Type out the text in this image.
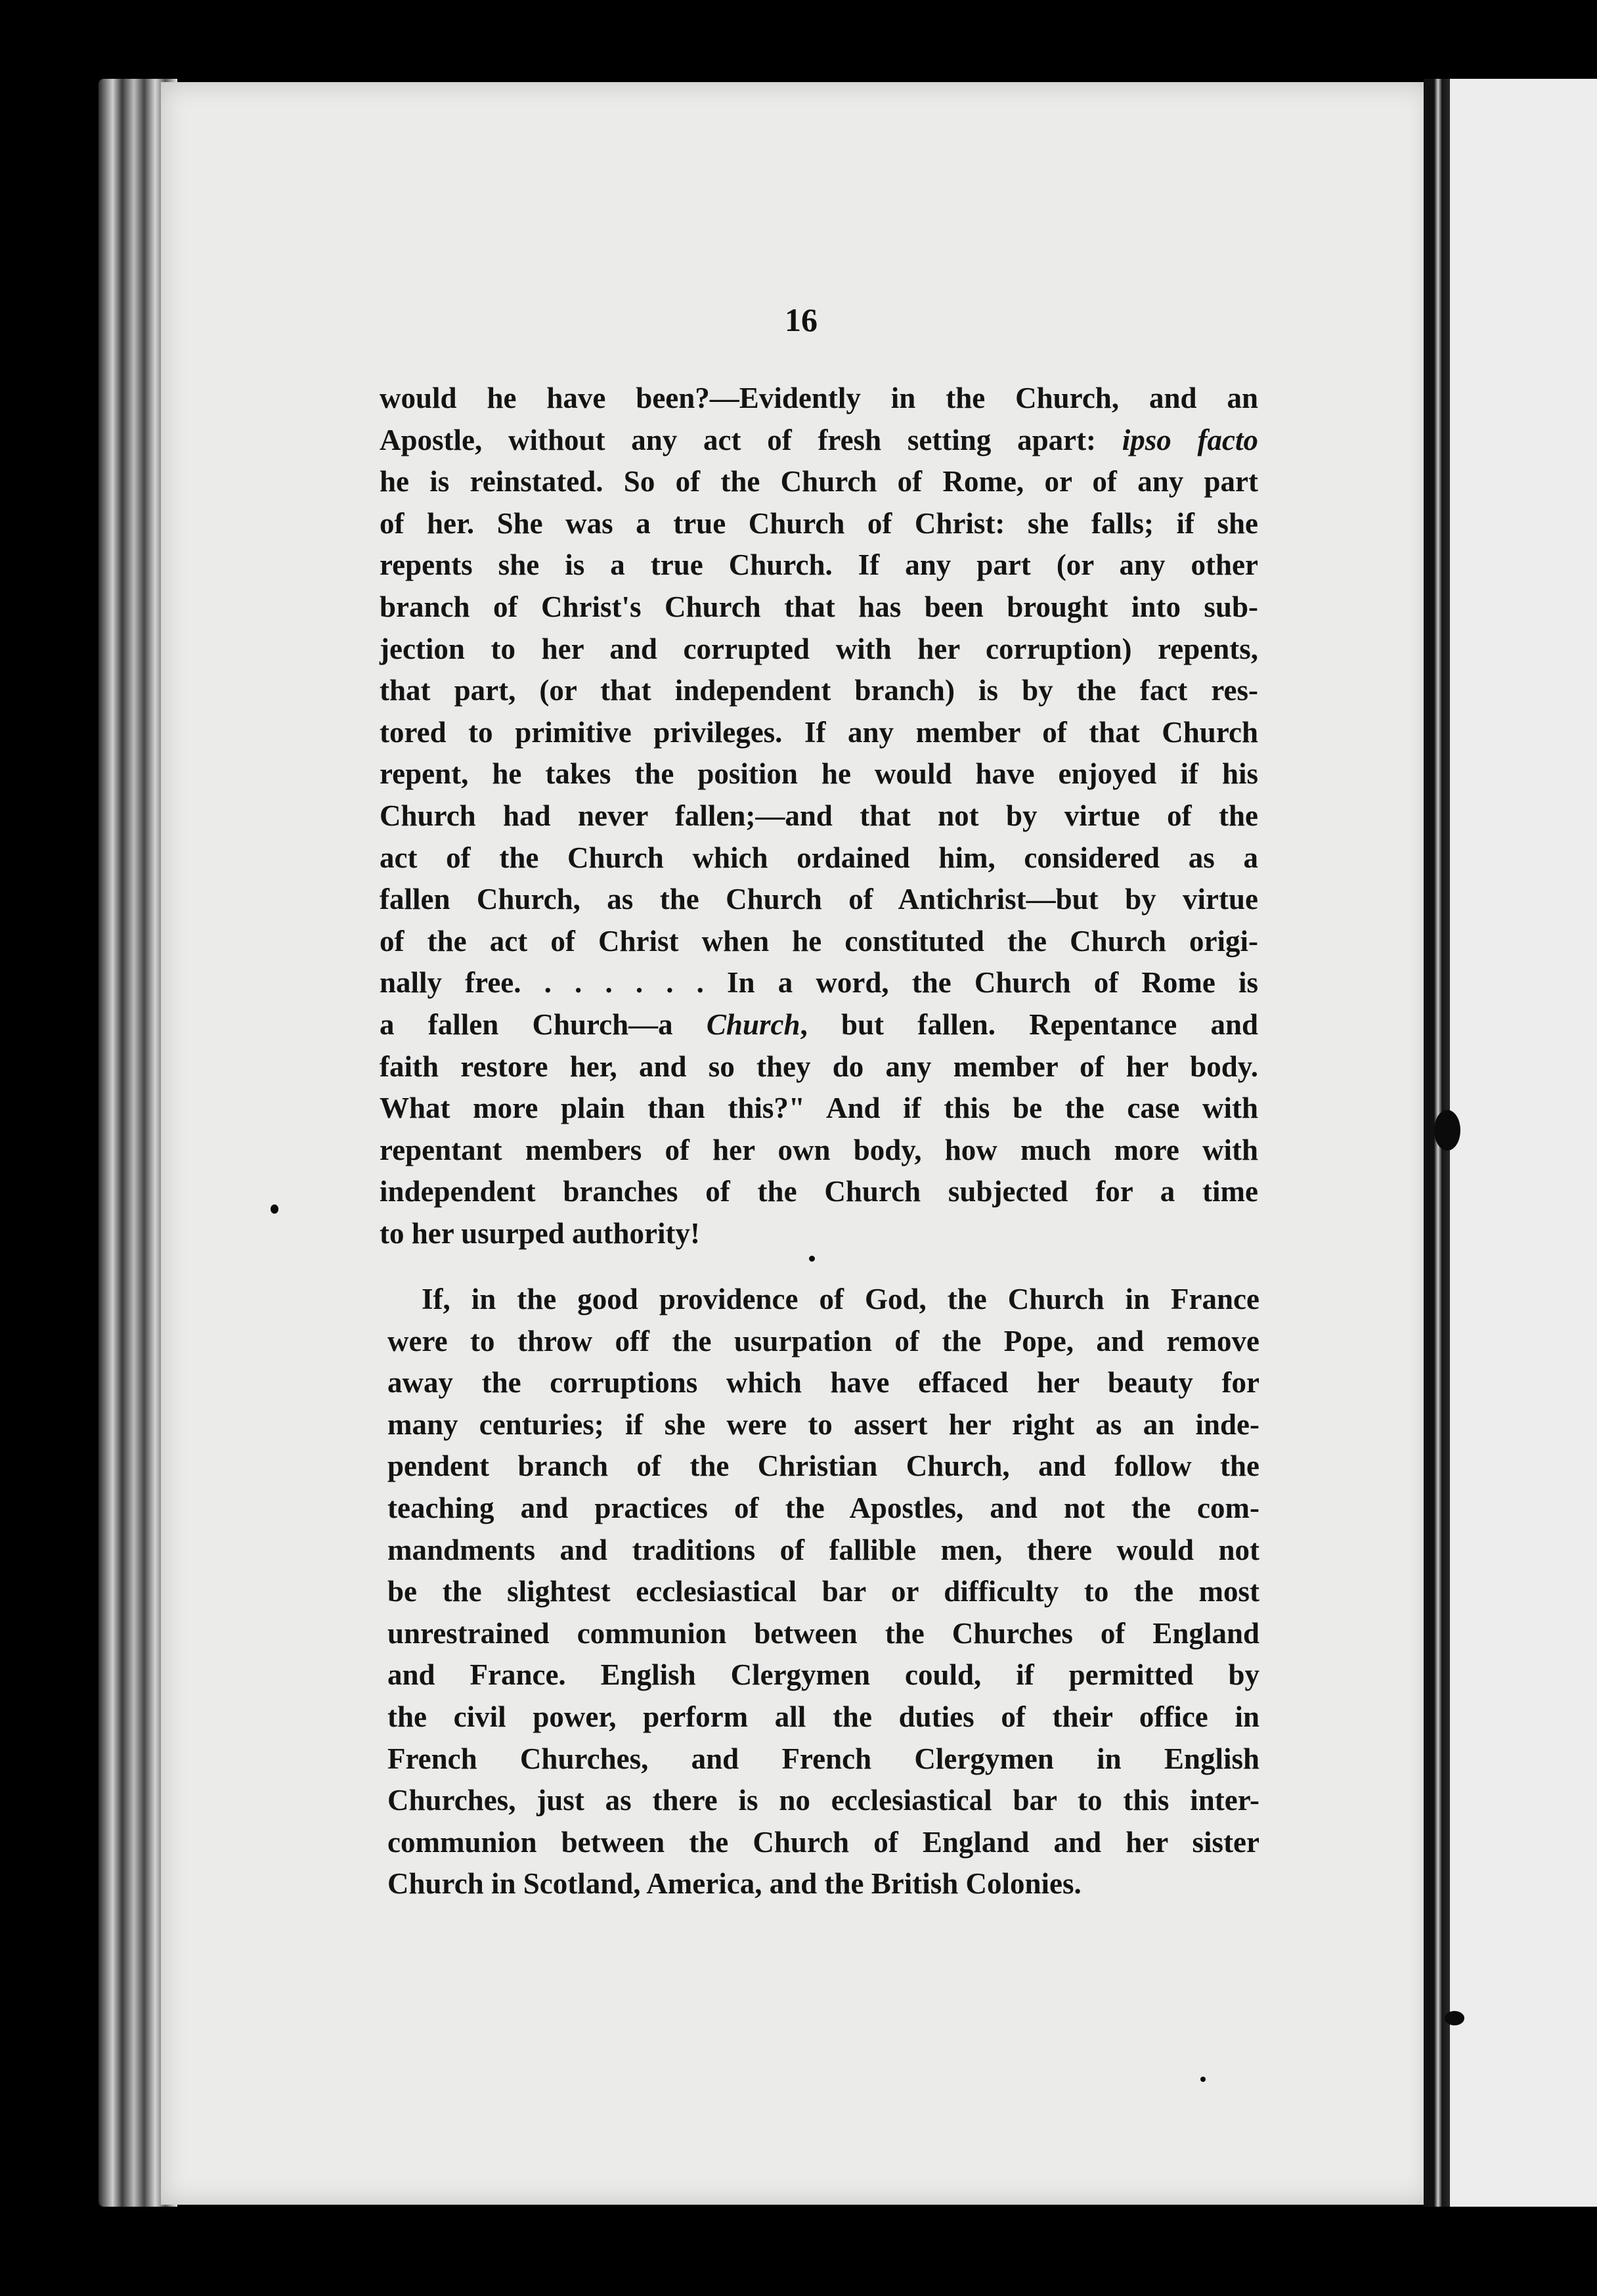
16
would he have been?—Evidently in the Church, and an
Apostle, without any act of fresh setting apart: ipso facto
he is reinstated. So of the Church of Rome, or of any part
of her. She was a true Church of Christ: she falls; if she
repents she is a true Church. If any part (or any other
branch of Christ's Church that has been brought into sub-
jection to her and corrupted with her corruption) repents,
that part, (or that independent branch) is by the fact res-
tored to primitive privileges. If any member of that Church
repent, he takes the position he would have enjoyed if his
Church had never fallen;—and that not by virtue of the
act of the Church which ordained him, considered as a
fallen Church, as the Church of Antichrist—but by virtue
of the act of Christ when he constituted the Church origi-
nally free. . . . . . . In a word, the Church of Rome is
a fallen Church—a Church, but fallen. Repentance and
faith restore her, and so they do any member of her body.
What more plain than this?" And if this be the case with
repentant members of her own body, how much more with
independent branches of the Church subjected for a time
to her usurped authority!
If, in the good providence of God, the Church in France
were to throw off the usurpation of the Pope, and remove
away the corruptions which have effaced her beauty for
many centuries; if she were to assert her right as an inde-
pendent branch of the Christian Church, and follow the
teaching and practices of the Apostles, and not the com-
mandments and traditions of fallible men, there would not
be the slightest ecclesiastical bar or difficulty to the most
unrestrained communion between the Churches of England
and France. English Clergymen could, if permitted by
the civil power, perform all the duties of their office in
French Churches, and French Clergymen in English
Churches, just as there is no ecclesiastical bar to this inter-
communion between the Church of England and her sister
Church in Scotland, America, and the British Colonies.
